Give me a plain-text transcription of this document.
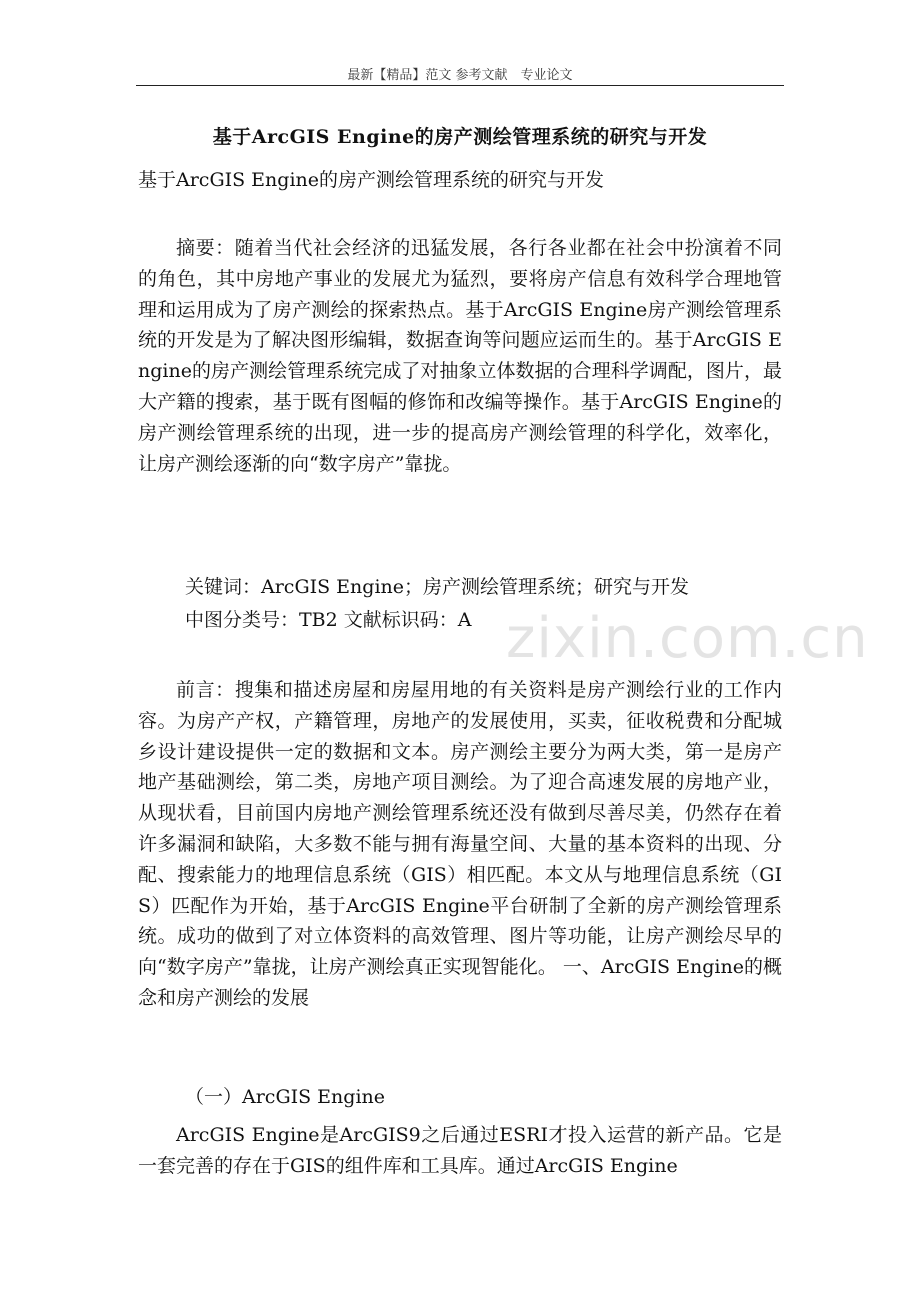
最新【精品】范文 参考文献　专业论文
zixin.com.cn
基于ArcGIS Engine的房产测绘管理系统的研究与开发
基于ArcGIS Engine的房产测绘管理系统的研究与开发

摘要：随着当代社会经济的迅猛发展，各行各业都在社会中扮演着不同的角色，其中房地产事业的发展尤为猛烈，要将房产信息有效科学合理地管理和运用成为了房产测绘的探索热点。基于ArcGIS Engine房产测绘管理系统的开发是为了解决图形编辑，数据查询等问题应运而生的。基于ArcGIS Engine的房产测绘管理系统完成了对抽象立体数据的合理科学调配，图片，最大产籍的搜索，基于既有图幅的修饰和改编等操作。基于ArcGIS Engine的房产测绘管理系统的出现，进一步的提高房产测绘管理的科学化，效率化，让房产测绘逐渐的向“数字房产”靠拢。

关键词：ArcGIS Engine；房产测绘管理系统；研究与开发
中图分类号：TB2 文献标识码：A

前言：搜集和描述房屋和房屋用地的有关资料是房产测绘行业的工作内容。为房产产权，产籍管理，房地产的发展使用，买卖，征收税费和分配城乡设计建设提供一定的数据和文本。房产测绘主要分为两大类，第一是房产地产基础测绘，第二类，房地产项目测绘。为了迎合高速发展的房地产业，从现状看，目前国内房地产测绘管理系统还没有做到尽善尽美，仍然存在着许多漏洞和缺陷，大多数不能与拥有海量空间、大量的基本资料的出现、分配、搜索能力的地理信息系统（GIS）相匹配。本文从与地理信息系统（GIS）匹配作为开始，基于ArcGIS Engine平台研制了全新的房产测绘管理系统。成功的做到了对立体资料的高效管理、图片等功能，让房产测绘尽早的向“数字房产”靠拢，让房产测绘真正实现智能化。 一、ArcGIS Engine的概念和房产测绘的发展

（一）ArcGIS Engine

ArcGIS Engine是ArcGIS9之后通过ESRI才投入运营的新产品。它是一套完善的存在于GIS的组件库和工具库。通过ArcGIS Engine
